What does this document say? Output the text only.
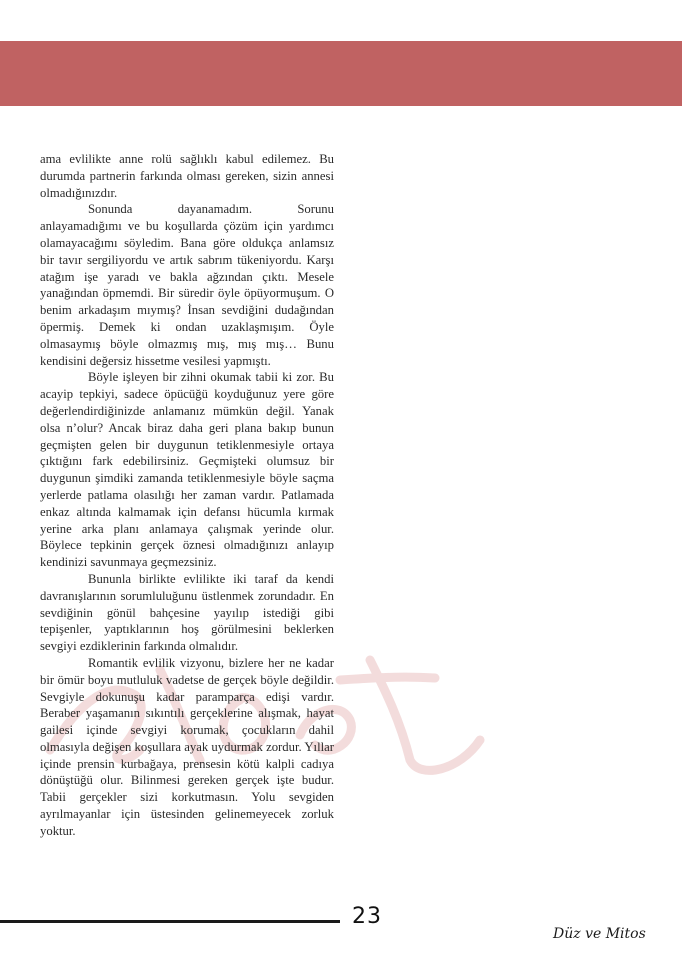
ama evlilikte anne rolü sağlıklı kabul edilemez. Bu durumda partnerin farkında olması gereken, sizin annesi olmadığınızdır.

Sonunda dayanamadım. Sorunu anlayamadığımı ve bu koşullarda çözüm için yardımcı olamayacağımı söyledim. Bana göre oldukça anlamsız bir tavır sergiliyordu ve artık sabrım tükeniyordu. Karşı atağım işe yaradı ve bakla ağzından çıktı. Mesele yanağından öpmemdi. Bir süredir öyle öpüyormuşum. O benim arkadaşım mıymış? İnsan sevdiğini dudağından öpermiş. Demek ki ondan uzaklaşmışım. Öyle olmasaymış böyle olmazmış mış, mış mış… Bunu kendisini değersiz hissetme vesilesi yapmıştı.

Böyle işleyen bir zihni okumak tabii ki zor. Bu acayip tepkiyi, sadece öpücüğü koyduğunuz yere göre değerlendirdiğinizde anlamanız mümkün değil. Yanak olsa n’olur? Ancak biraz daha geri plana bakıp bunun geçmişten gelen bir duygunun tetiklenmesiyle ortaya çıktığını fark edebilirsiniz. Geçmişteki olumsuz bir duygunun şimdiki zamanda tetiklenmesiyle böyle saçma yerlerde patlama olasılığı her zaman vardır. Patlamada enkaz altında kalmamak için defansı hücumla kırmak yerine arka planı anlamaya çalışmak yerinde olur. Böylece tepkinin gerçek öznesi olmadığınızı anlayıp kendinizi savunmaya geçmezsiniz.

Bununla birlikte evlilikte iki taraf da kendi davranışlarının sorumluluğunu üstlenmek zorundadır. En sevdiğinin gönül bahçesine yayılıp istediği gibi tepişenler, yaptıklarının hoş görülmesini beklerken sevgiyi ezdiklerinin farkında olmalıdır.

Romantik evlilik vizyonu, bizlere her ne kadar bir ömür boyu mutluluk vadetse de gerçek böyle değildir. Sevgiyle dokunuşu kadar paramparça edişi vardır. Beraber yaşamanın sıkıntılı gerçeklerine alışmak, hayat gailesi içinde sevgiyi korumak, çocukların dahil olmasıyla değişen koşullara ayak uydurmak zordur. Yıllar içinde prensin kurbağaya, prensesin kötü kalpli cadıya dönüştüğü olur. Bilinmesi gereken gerçek işte budur. Tabii gerçekler sizi korkutmasın. Yolu sevgiden ayrılmayanlar için üstesinden gelinemeyecek zorluk yoktur.

23
Düz ve Mitos
